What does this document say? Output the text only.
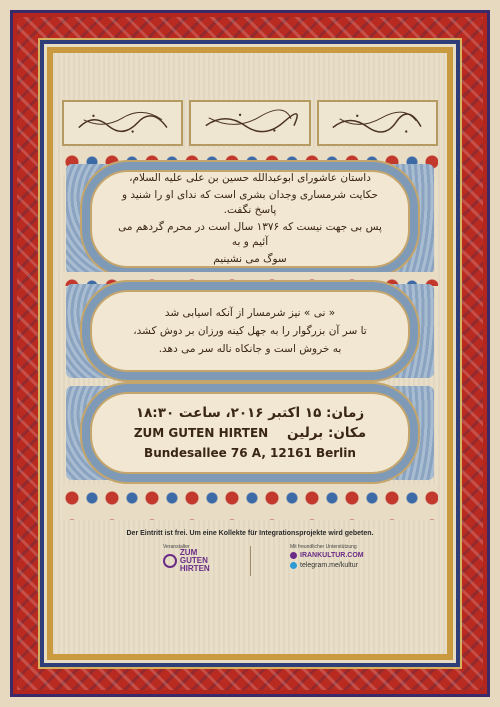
داستان عاشورای ابوعبدالله حسین بن علی علیه السلام،

حکایت شرمساری وجدان بشری است که ندای او را شنید و پاسخ نگفت.

پس بی جهت نیست که ۱۳۷۶ سال است در محرم گردهم می آئیم و به

سوگ می نشینیم

« نی » نیز شرمسار از آنکه اسیابی شد

تا سر آن بزرگوار را به جهل کینه ورزان بر دوش کشد،

به خروش است و جانکاه ناله سر می دهد.

زمان: ۱۵ اکتبر ۲۰۱۶، ساعت ۱۸:۳۰
مکان: برلین    ZUM GUTEN HIRTEN
Bundesallee 76 A, 12161 Berlin
Der Eintritt ist frei. Um eine Kollekte für Integrationsprojekte wird gebeten.
Veranstalter
ZUM GUTEN
HIRTEN
Mit freundlicher Unterstützung
IRANKULTUR.COM
telegram.me/kultur
